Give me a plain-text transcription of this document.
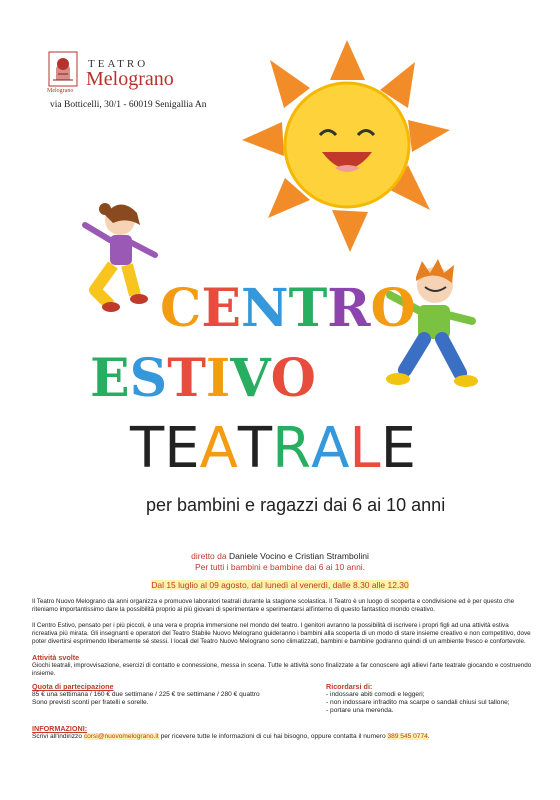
Melograno
TEATRO
Melograno
via Botticelli, 30/1 - 60019 Senigallia An
CENTRO
ESTIVO
TEATRALE
per bambini e ragazzi dai 6 ai 10 anni
diretto da Daniele Vocino e Cristian Strambolini
Per tutti i bambini e bambine dai 6 ai 10 anni.
Dal 15 luglio al 09 agosto, dal lunedì al venerdì, dalle 8.30 alle 12.30
Il Teatro Nuovo Melograno da anni organizza e promuove laboratori teatrali durante la stagione scolastica. Il Teatro è un luogo di scoperta e condivisione ed è per questo che riteniamo importantissimo dare la possibilità proprio ai più giovani di sperimentare e sperimentarsi all'interno di questo fantastico mondo creativo.
Il Centro Estivo, pensato per i più piccoli, è una vera e propria immersione nel mondo del teatro. I genitori avranno la possibilità di iscrivere i propri figli ad una attività estiva ricreativa più mirata. Gli insegnanti e operatori del Teatro Stabile Nuovo Melograno guideranno i bambini alla scoperta di un modo di stare insieme creativo e non competitivo, dove poter divertirsi esprimendo liberamente sé stessi. I locali del Teatro Nuovo Melograno sono climatizzati, bambini e bambine godranno quindi di un ambiente fresco e confortevole.
Attività svolte
Giochi teatrali, improvvisazione, esercizi di contatto e connessione, messa in scena. Tutte le attività sono finalizzate a far conoscere agli allievi l'arte teatrale giocando e costruendo insieme.
Quota di partecipazione
85 € una settimana / 160 € due settimane / 225 € tre settimane / 280 € quattro
Sono previsti sconti per fratelli e sorelle.
Ricordarsi di:
- indossare abiti comodi e leggeri;
- non indossare infradito ma scarpe o sandali chiusi sul tallone;
- portare una merenda.
INFORMAZIONI:
Scrivi all'indirizzo corsi@nuovomelograno.it per ricevere tutte le informazioni di cui hai bisogno, oppure contatta il numero 389 545 0774.
